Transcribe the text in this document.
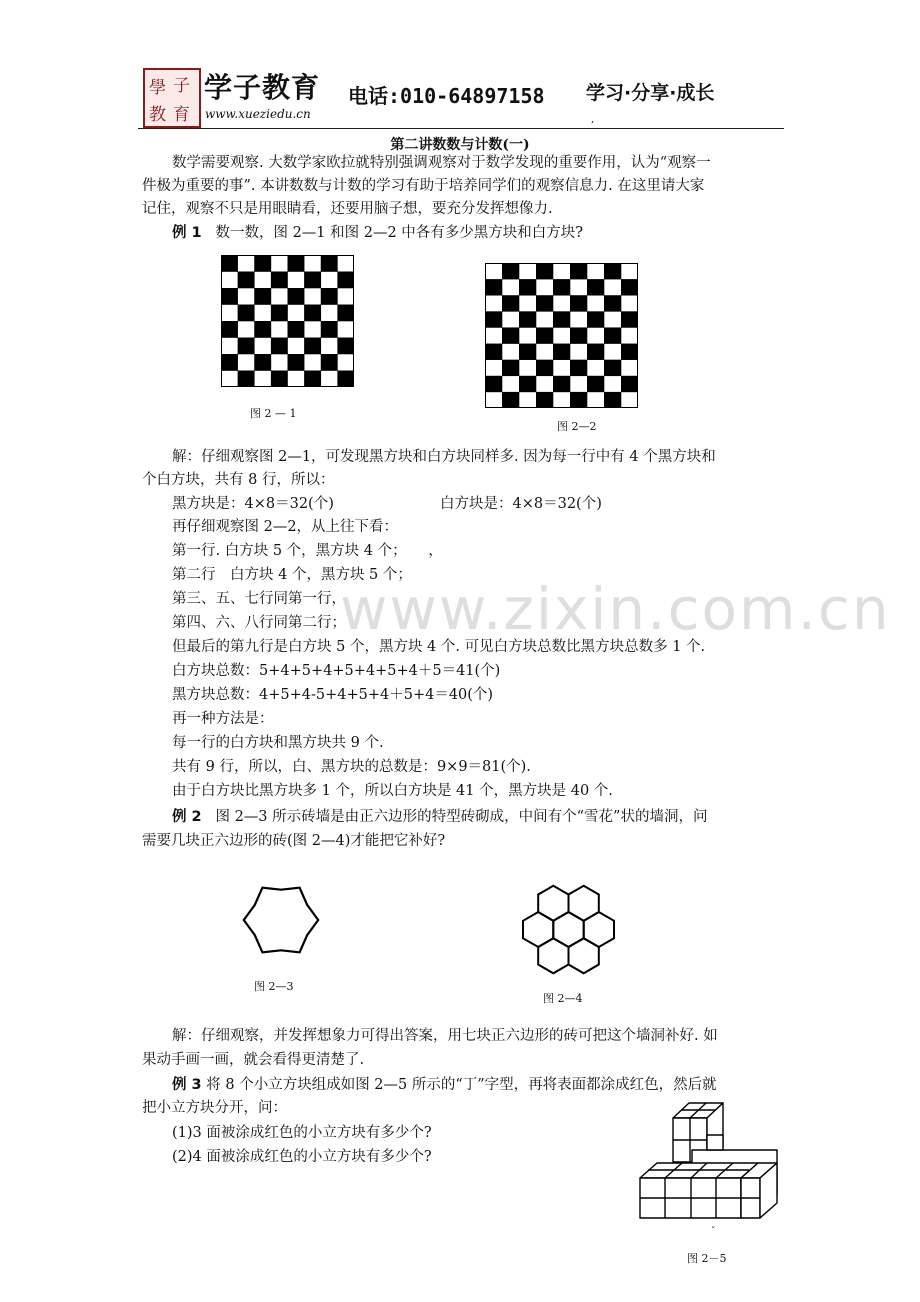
學 子
教 育
学子教育
www.xueziedu.cn
电话:010-64897158 学习·分享·成长
,
第二讲数数与计数(一)
数学需要观察. 大数学家欧拉就特别强调观察对于数学发现的重要作用，认为“观察一
件极为重要的事”. 本讲数数与计数的学习有助于培养同学们的观察信息力. 在这里请大家
记住，观察不只是用眼睛看，还要用脑子想，要充分发挥想像力.
例 1 数一数，图 2—1 和图 2—2 中各有多少黑方块和白方块?
图 2 — 1
图 2—2
解：仔细观察图 2—1，可发现黑方块和白方块同样多. 因为每一行中有 4 个黑方块和
个白方块，共有 8 行，所以：
黑方块是：4×8＝32(个)	白方块是：4×8＝32(个)
再仔细观察图 2—2，从上往下看：
第一行. 白方块 5 个，黑方块 4 个；　　，
第二行　白方块 4 个，黑方块 5 个；
第三、五、七行同第一行，
第四、六、八行同第二行；
但最后的第九行是白方块 5 个，黑方块 4 个. 可见白方块总数比黑方块总数多 1 个.
白方块总数：5+4+5+4+5+4+5+4＋5＝41(个)
黑方块总数：4+5+4-5+4+5+4＋5+4＝40(个)
再一种方法是：
每一行的白方块和黑方块共 9 个.
共有 9 行，所以，白、黑方块的总数是：9×9＝81(个).
由于白方块比黑方块多 1 个，所以白方块是 41 个，黑方块是 40 个.
www.zixin.com.cn
例 2 图 2—3 所示砖墙是由正六边形的特型砖砌成，中间有个“雪花”状的墙洞，问
需要几块正六边形的砖(图 2—4)才能把它补好?
图 2—3
图 2—4
解：仔细观察，并发挥想象力可得出答案，用七块正六边形的砖可把这个墙洞补好. 如
果动手画一画，就会看得更清楚了.
例 3 将 8 个小立方块组成如图 2—5 所示的“丁”字型，再将表面都涂成红色，然后就
把小立方块分开，问：
(1)3 面被涂成红色的小立方块有多少个?
(2)4 面被涂成红色的小立方块有多少个?
图 2－5
ˇ
